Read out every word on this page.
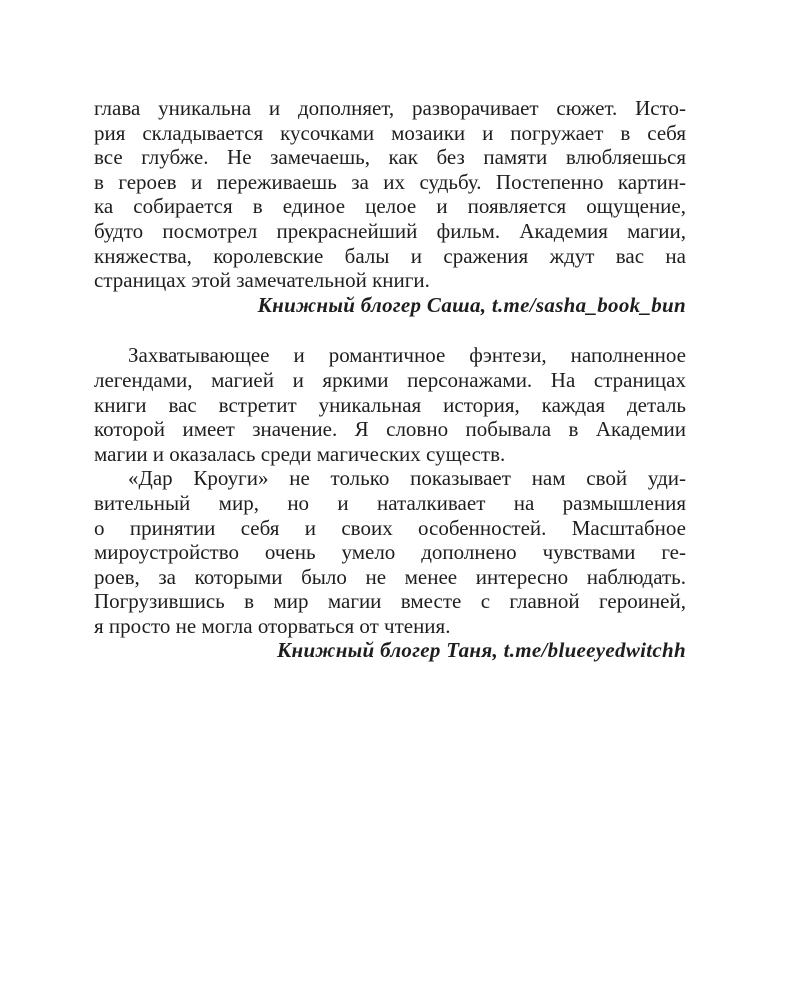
глава уникальна и дополняет, разворачивает сюжет. Исто-
рия складывается кусочками мозаики и погружает в себя
все глубже. Не замечаешь, как без памяти влюбляешься
в героев и переживаешь за их судьбу. Постепенно картин-
ка собирается в единое целое и появляется ощущение,
будто посмотрел прекраснейший фильм. Академия магии,
княжества, королевские балы и сражения ждут вас на
страницах этой замечательной книги.
Книжный блогер Саша, t.me/sasha_book_bun
Захватывающее и романтичное фэнтези, наполненное
легендами, магией и яркими персонажами. На страницах
книги вас встретит уникальная история, каждая деталь
которой имеет значение. Я словно побывала в Академии
магии и оказалась среди магических существ.
«Дар Кроуги» не только показывает нам свой уди-
вительный мир, но и наталкивает на размышления
о принятии себя и своих особенностей. Масштабное
мироустройство очень умело дополнено чувствами ге-
роев, за которыми было не менее интересно наблюдать.
Погрузившись в мир магии вместе с главной героиней,
я просто не могла оторваться от чтения.
Книжный блогер Таня, t.me/blueeyedwitchh
